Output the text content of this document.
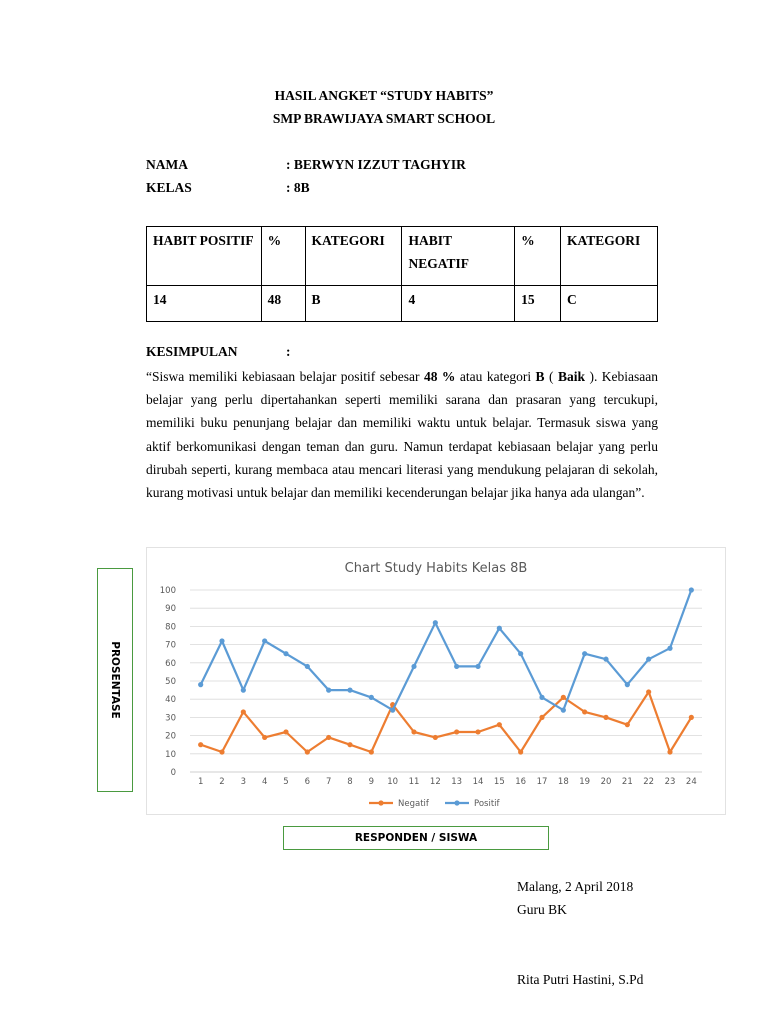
HASIL ANGKET “STUDY HABITS”
SMP BRAWIJAYA SMART SCHOOL
NAMA	: BERWYN IZZUT TAGHYIR
KELAS	: 8B
HABIT POSITIF	%	KATEGORI	HABIT NEGATIF	%	KATEGORI
14	48	B	4	15	C
KESIMPULAN	:
“Siswa memiliki kebiasaan belajar positif sebesar 48 % atau kategori B ( Baik ). Kebiasaan belajar yang perlu dipertahankan seperti memiliki sarana dan prasaran yang tercukupi, memiliki buku penunjang belajar dan memiliki waktu untuk belajar. Termasuk siswa yang aktif berkomunikasi dengan teman dan guru. Namun terdapat kebiasaan belajar yang perlu dirubah seperti, kurang membaca atau mencari literasi yang mendukung pelajaran di sekolah, kurang motivasi untuk belajar dan memiliki kecenderungan belajar jika hanya ada ulangan”.
Chart Study Habits Kelas 8B
0
10
20
30
40
50
60
70
80
90
100
1 2 3 4 5 6 7 8 9 10 11 12 13 14 15 16 17 18 19 20 21 22 23 24
Negatif	Positif
PROSENTASE
RESPONDEN / SISWA
Malang, 2 April 2018
Guru BK
Rita Putri Hastini, S.Pd
